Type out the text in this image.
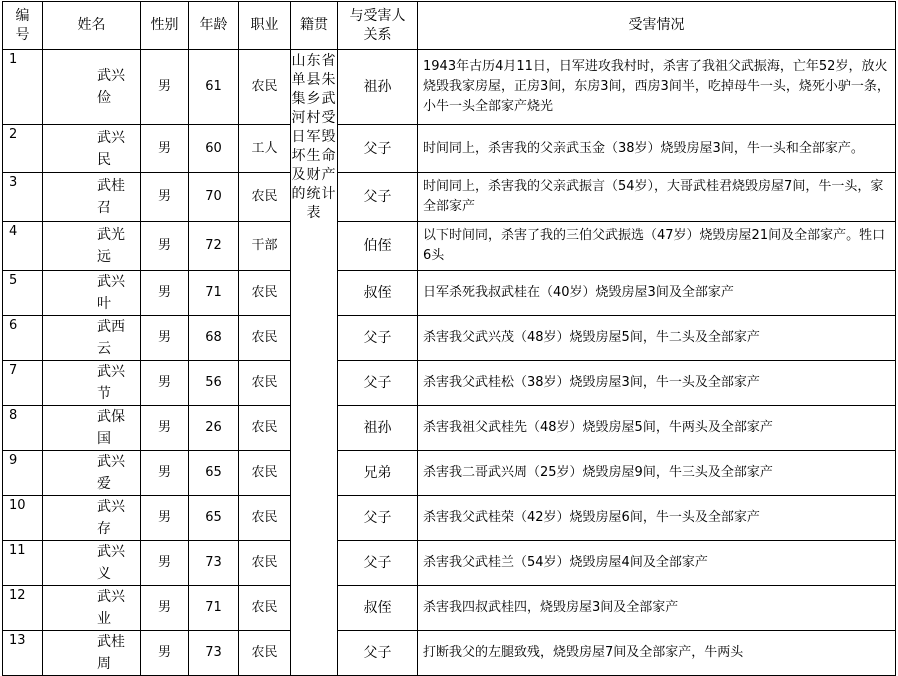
编号	姓名	性别	年龄	职业	籍贯	与受害人关系	受害情况
1	武兴俭	男	61	农民	山东省单县朱集乡武河村受日军毁坏生命及财产的统计表	祖孙	1943年古历4月11日，日军进攻我村时，杀害了我祖父武振海，亡年52岁，放火烧毁我家房屋，正房3间，东房3间，西房3间半，吃掉母牛一头，烧死小驴一条，小牛一头全部家产烧光
2	武兴民	男	60	工人		父子	时间同上，杀害我的父亲武玉金（38岁）烧毁房屋3间，牛一头和全部家产。
3	武桂召	男	70	农民		父子	时间同上，杀害我的父亲武振言（54岁），大哥武桂君烧毁房屋7间，牛一头，家全部家产
4	武光远	男	72	干部		伯侄	以下时间同，杀害了我的三伯父武振选（47岁）烧毁房屋21间及全部家产。牲口6头
5	武兴叶	男	71	农民		叔侄	日军杀死我叔武桂在（40岁）烧毁房屋3间及全部家产
6	武西云	男	68	农民		父子	杀害我父武兴茂（48岁）烧毁房屋5间，牛二头及全部家产
7	武兴节	男	56	农民		父子	杀害我父武桂松（38岁）烧毁房屋3间，牛一头及全部家产
8	武保国	男	26	农民		祖孙	杀害我祖父武桂先（48岁）烧毁房屋5间，牛两头及全部家产
9	武兴爱	男	65	农民		兄弟	杀害我二哥武兴周（25岁）烧毁房屋9间，牛三头及全部家产
10	武兴存	男	65	农民		父子	杀害我父武桂荣（42岁）烧毁房屋6间，牛一头及全部家产
11	武兴义	男	73	农民		父子	杀害我父武桂兰（54岁）烧毁房屋4间及全部家产
12	武兴业	男	71	农民		叔侄	杀害我四叔武桂四，烧毁房屋3间及全部家产
13	武桂周	男	73	农民		父子	打断我父的左腿致残，烧毁房屋7间及全部家产，牛两头
